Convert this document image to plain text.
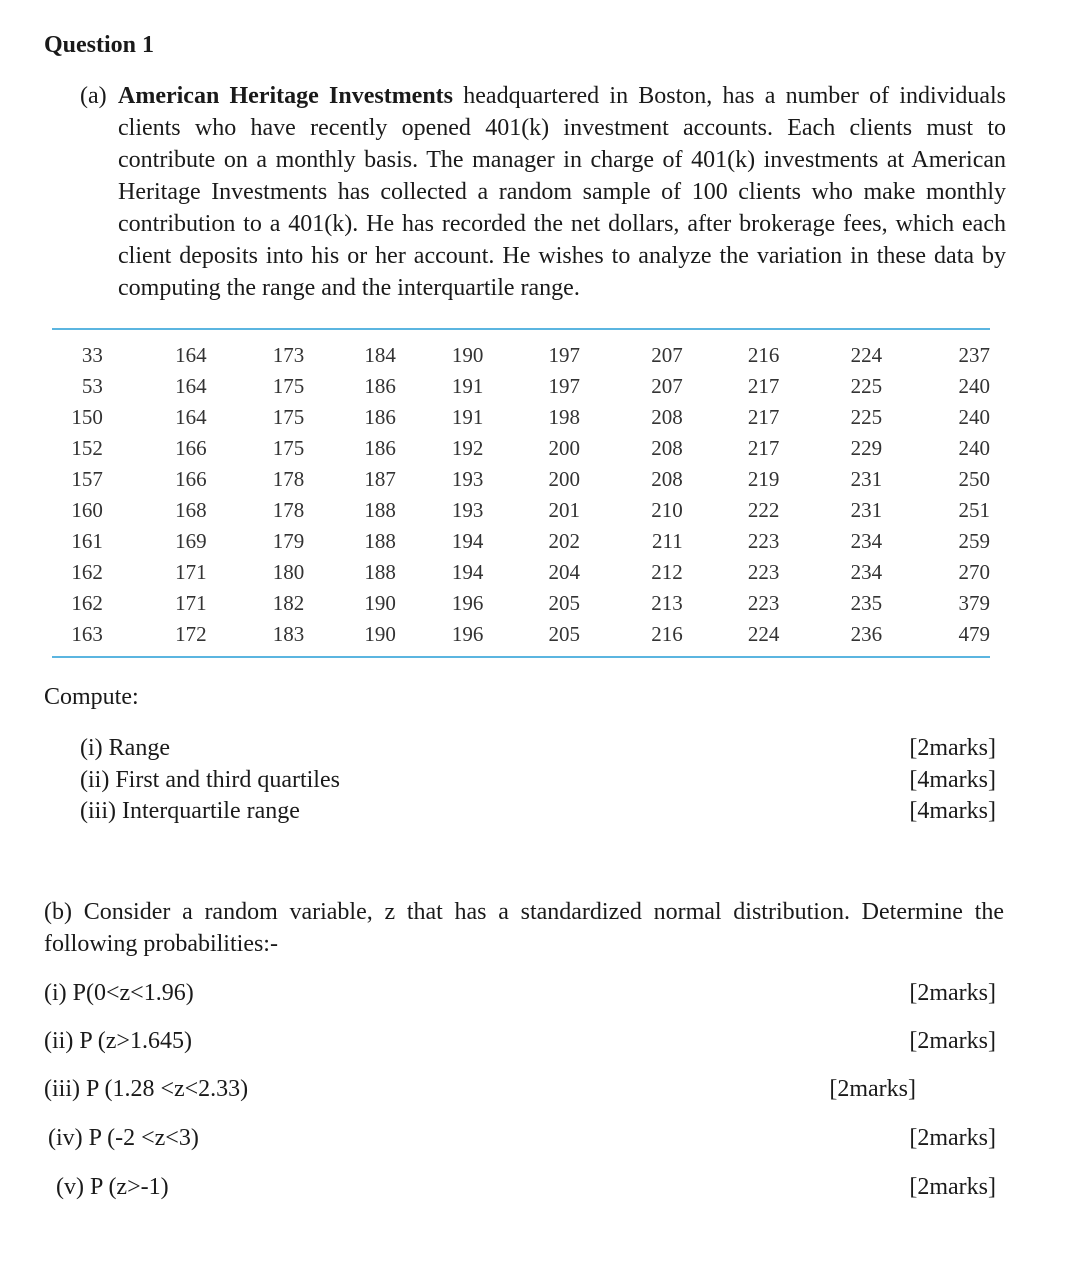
Question 1
(a) American Heritage Investments headquartered in Boston, has a number of individuals clients who have recently opened 401(k) investment accounts. Each clients must to contribute on a monthly basis. The manager in charge of 401(k) investments at American Heritage Investments has collected a random sample of 100 clients who make monthly contribution to a 401(k). He has recorded the net dollars, after brokerage fees, which each client deposits into his or her account. He wishes to analyze the variation in these data by computing the range and the interquartile range.
33	164	173	184	190	197	207	216	224	237
53	164	175	186	191	197	207	217	225	240
150	164	175	186	191	198	208	217	225	240
152	166	175	186	192	200	208	217	229	240
157	166	178	187	193	200	208	219	231	250
160	168	178	188	193	201	210	222	231	251
161	169	179	188	194	202	211	223	234	259
162	171	180	188	194	204	212	223	234	270
162	171	182	190	196	205	213	223	235	379
163	172	183	190	196	205	216	224	236	479
Compute:
(i) Range	[2marks]
(ii) First and third quartiles	[4marks]
(iii) Interquartile range	[4marks]
(b) Consider a random variable, z that has a standardized normal distribution. Determine the following probabilities:-
(i) P(0<z<1.96)	[2marks]
(ii) P (z>1.645)	[2marks]
(iii) P (1.28 <z<2.33)	[2marks]
(iv) P (-2 <z<3)	[2marks]
(v) P (z>-1)	[2marks]
